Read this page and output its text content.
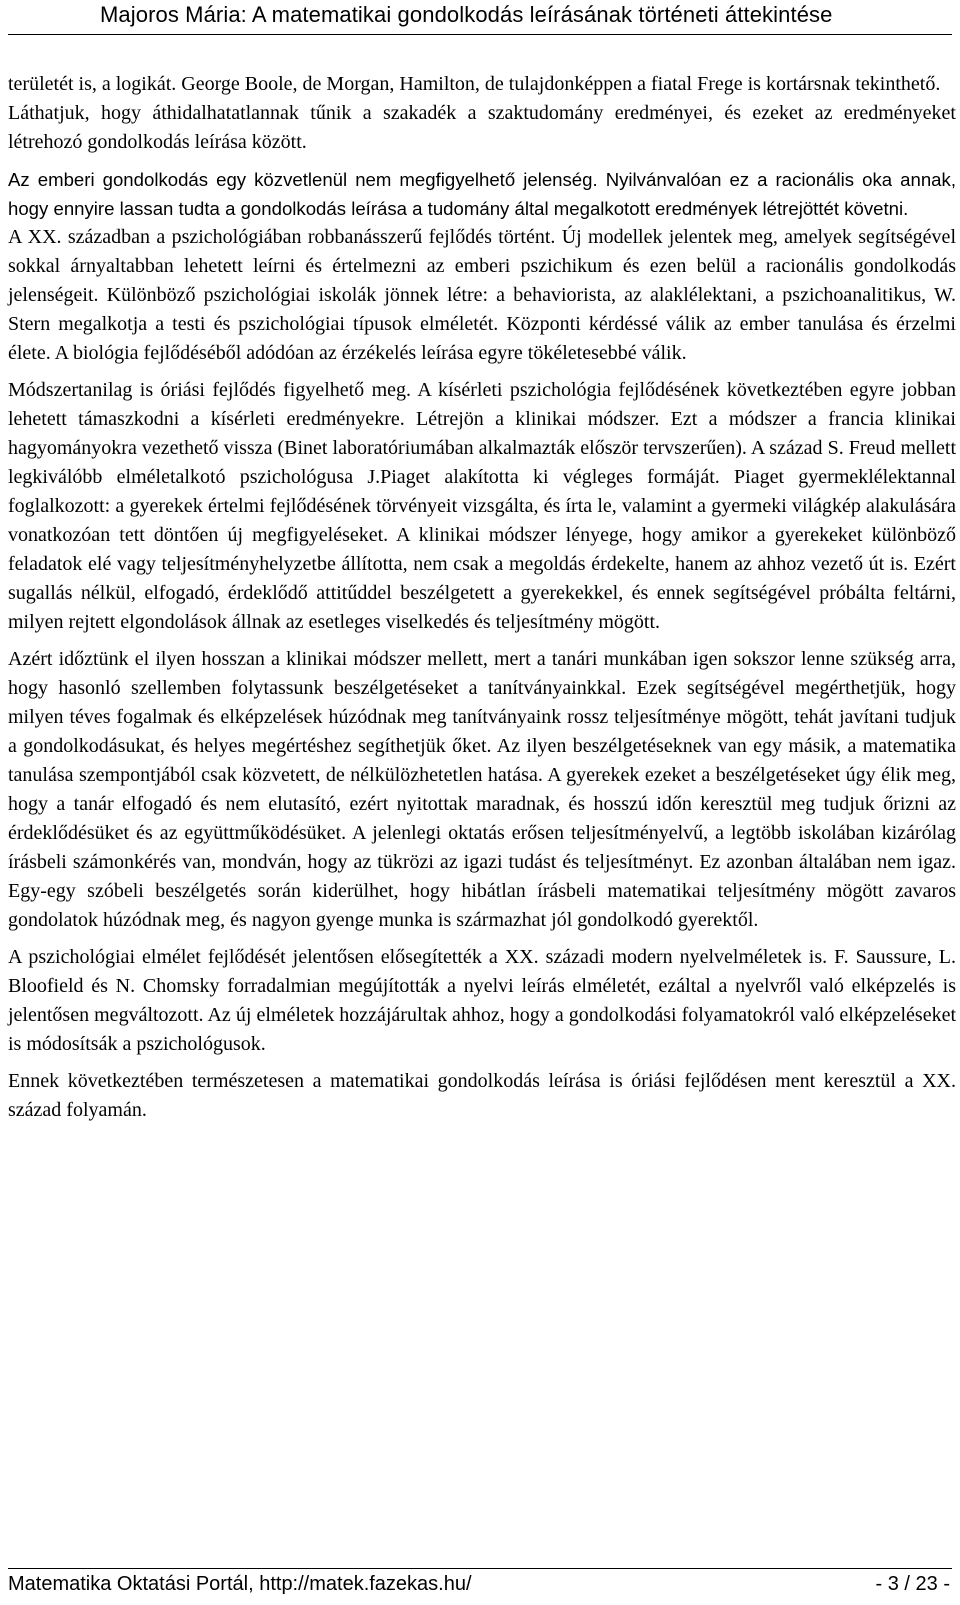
Majoros Mária: A matematikai gondolkodás leírásának történeti áttekintése

területét is, a logikát. George Boole, de Morgan, Hamilton, de tulajdonképpen a fiatal Frege is kortársnak tekinthető.

Láthatjuk, hogy áthidalhatatlannak tűnik a szakadék a szaktudomány eredményei, és ezeket az eredményeket létrehozó gondolkodás leírása között.

Az emberi gondolkodás egy közvetlenül nem megfigyelhető jelenség. Nyilvánvalóan ez a racionális oka annak, hogy ennyire lassan tudta a gondolkodás leírása a tudomány által megalkotott eredmények létrejöttét követni.

A XX. században a pszichológiában robbanásszerű fejlődés történt. Új modellek jelentek meg, amelyek segítségével sokkal árnyaltabban lehetett leírni és értelmezni az emberi pszichikum és ezen belül a racionális gondolkodás jelenségeit. Különböző pszichológiai iskolák jönnek létre: a behaviorista, az alaklélektani, a pszichoanalitikus, W. Stern megalkotja a testi és pszichológiai típusok elméletét. Központi kérdéssé válik az ember tanulása és érzelmi élete. A biológia fejlődéséből adódóan az érzékelés leírása egyre tökéletesebbé válik.

Módszertanilag is óriási fejlődés figyelhető meg. A kísérleti pszichológia fejlődésének következtében egyre jobban lehetett támaszkodni a kísérleti eredményekre. Létrejön a klinikai módszer. Ezt a módszer a francia klinikai hagyományokra vezethető vissza (Binet laboratóriumában alkalmazták először tervszerűen). A század S. Freud mellett legkiválóbb elméletalkotó pszichológusa J.Piaget alakította ki végleges formáját. Piaget gyermeklélektannal foglalkozott: a gyerekek értelmi fejlődésének törvényeit vizsgálta, és írta le, valamint a gyermeki világkép alakulására vonatkozóan tett döntően új megfigyeléseket. A klinikai módszer lényege, hogy amikor a gyerekeket különböző feladatok elé vagy teljesítményhelyzetbe állította, nem csak a megoldás érdekelte, hanem az ahhoz vezető út is. Ezért sugallás nélkül, elfogadó, érdeklődő attitűddel beszélgetett a gyerekekkel, és ennek segítségével próbálta feltárni, milyen rejtett elgondolások állnak az esetleges viselkedés és teljesítmény mögött.

Azért időztünk el ilyen hosszan a klinikai módszer mellett, mert a tanári munkában igen sokszor lenne szükség arra, hogy hasonló szellemben folytassunk beszélgetéseket a tanítványainkkal. Ezek segítségével megérthetjük, hogy milyen téves fogalmak és elképzelések húzódnak meg tanítványaink rossz teljesítménye mögött, tehát javítani tudjuk a gondolkodásukat, és helyes megértéshez segíthetjük őket. Az ilyen beszélgetéseknek van egy másik, a matematika tanulása szempontjából csak közvetett, de nélkülözhetetlen hatása. A gyerekek ezeket a beszélgetéseket úgy élik meg, hogy a tanár elfogadó és nem elutasító, ezért nyitottak maradnak, és hosszú időn keresztül meg tudjuk őrizni az érdeklődésüket és az együttműködésüket. A jelenlegi oktatás erősen teljesítményelvű, a legtöbb iskolában kizárólag írásbeli számonkérés van, mondván, hogy az tükrözi az igazi tudást és teljesítményt. Ez azonban általában nem igaz. Egy-egy szóbeli beszélgetés során kiderülhet, hogy hibátlan írásbeli matematikai teljesítmény mögött zavaros gondolatok húzódnak meg, és nagyon gyenge munka is származhat jól gondolkodó gyerektől.

A pszichológiai elmélet fejlődését jelentősen elősegítették a XX. századi modern nyelvelméletek is. F. Saussure, L. Bloofield és N. Chomsky forradalmian megújították a nyelvi leírás elméletét, ezáltal a nyelvről való elképzelés is jelentősen megváltozott. Az új elméletek hozzájárultak ahhoz, hogy a gondolkodási folyamatokról való elképzeléseket is módosítsák a pszichológusok.

Ennek következtében természetesen a matematikai gondolkodás leírása is óriási fejlődésen ment keresztül a XX. század folyamán.

Matematika Oktatási Portál, http://matek.fazekas.hu/	- 3 / 23 -
